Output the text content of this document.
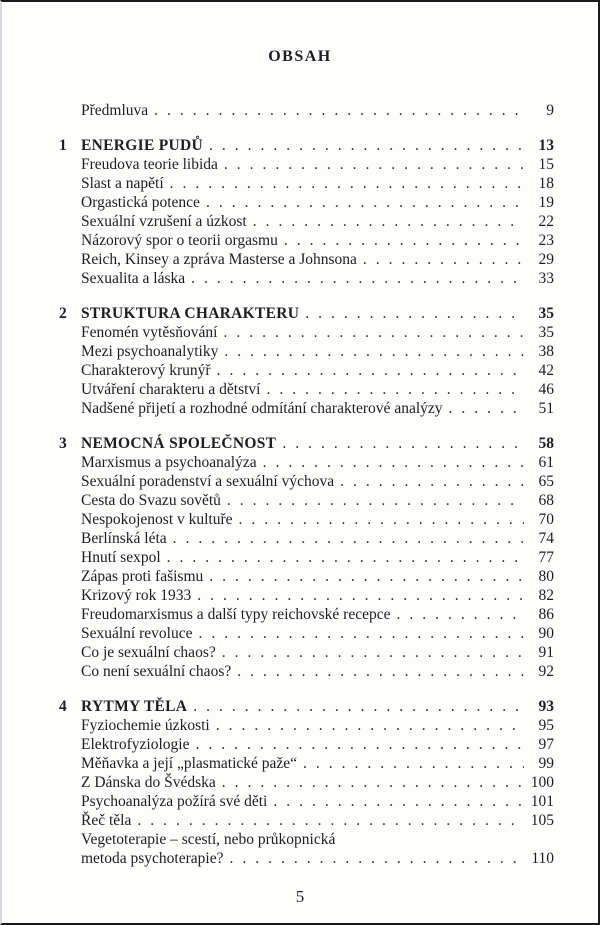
OBSAH
Předmluva .....	9
1 ENERGIE PUDŮ .....	13
Freudova teorie libida .....	15
Slast a napětí .....	18
Orgastická potence .....	19
Sexuální vzrušení a úzkost .....	22
Názorový spor o teorii orgasmu .....	23
Reich, Kinsey a zpráva Masterse a Johnsona .....	29
Sexualita a láska .....	33
2 STRUKTURA CHARAKTERU .....	35
Fenomén vytěsňování .....	35
Mezi psychoanalytiky .....	38
Charakterový krunýř .....	42
Utváření charakteru a dětství .....	46
Nadšené přijetí a rozhodné odmítání charakterové analýzy .....	51
3 NEMOCNÁ SPOLEČNOST .....	58
Marxismus a psychoanalýza .....	61
Sexuální poradenství a sexuální výchova .....	65
Cesta do Svazu sovětů .....	68
Nespokojenost v kultuře .....	70
Berlínská léta .....	74
Hnutí sexpol .....	77
Zápas proti fašismu .....	80
Krizový rok 1933 .....	82
Freudomarxismus a další typy reichovské recepce .....	86
Sexuální revoluce .....	90
Co je sexuální chaos? .....	91
Co není sexuální chaos? .....	92
4 RYTMY TĚLA .....	93
Fyziochemie úzkosti .....	95
Elektrofyziologie .....	97
Měňavka a její „plasmatické paže“ .....	99
Z Dánska do Švédska .....	100
Psychoanalýza požírá své děti .....	101
Řeč těla .....	105
Vegetoterapie – scestí, nebo průkopnická
metoda psychoterapie? .....	110
5
